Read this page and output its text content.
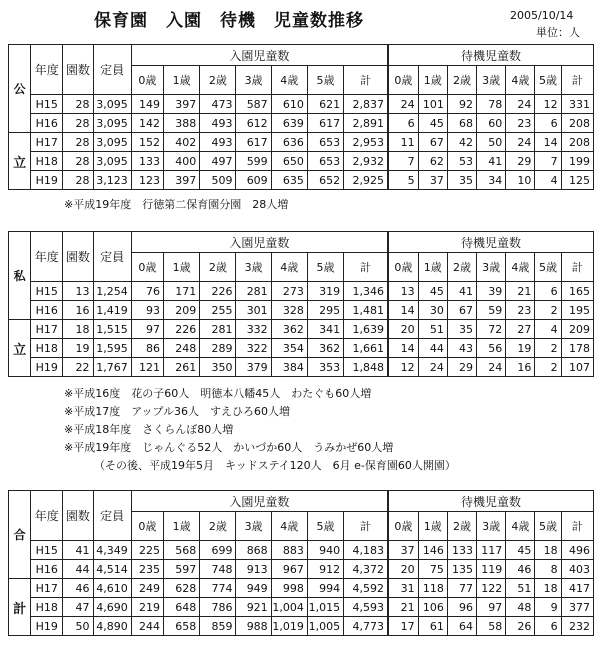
保育園　入園　待機　児童数推移	2005/10/14
単位：人
公	年度	園数	定員	入園児童数							待機児童数						
				0歳	1歳	2歳	3歳	4歳	5歳	計	0歳	1歳	2歳	3歳	4歳	5歳	計
	H15	28	3,095	149	397	473	587	610	621	2,837	24	101	92	78	24	12	331
	H16	28	3,095	142	388	493	612	639	617	2,891	6	45	68	60	23	6	208
立	H17	28	3,095	152	402	493	617	636	653	2,953	11	67	42	50	24	14	208
	H18	28	3,095	133	400	497	599	650	653	2,932	7	62	53	41	29	7	199
	H19	28	3,123	123	397	509	609	635	652	2,925	5	37	35	34	10	4	125
※平成19年度　行徳第二保育園分園　28人増
私	年度	園数	定員	入園児童数							待機児童数						
				0歳	1歳	2歳	3歳	4歳	5歳	計	0歳	1歳	2歳	3歳	4歳	5歳	計
	H15	13	1,254	76	171	226	281	273	319	1,346	13	45	41	39	21	6	165
	H16	16	1,419	93	209	255	301	328	295	1,481	14	30	67	59	23	2	195
立	H17	18	1,515	97	226	281	332	362	341	1,639	20	51	35	72	27	4	209
	H18	19	1,595	86	248	289	322	354	362	1,661	14	44	43	56	19	2	178
	H19	22	1,767	121	261	350	379	384	353	1,848	12	24	29	24	16	2	107
※平成16度　花の子60人　明徳本八幡45人　わたぐも60人増
※平成17度　アップル36人　すえひろ60人増
※平成18年度　さくらんぼ80人増
※平成19年度　じゃんぐる52人　かいづか60人　うみかぜ60人増
（その後、平成19年5月　キッドステイ120人　6月 e-保育園60人開園）
合	年度	園数	定員	入園児童数							待機児童数						
				0歳	1歳	2歳	3歳	4歳	5歳	計	0歳	1歳	2歳	3歳	4歳	5歳	計
	H15	41	4,349	225	568	699	868	883	940	4,183	37	146	133	117	45	18	496
	H16	44	4,514	235	597	748	913	967	912	4,372	20	75	135	119	46	8	403
計	H17	46	4,610	249	628	774	949	998	994	4,592	31	118	77	122	51	18	417
	H18	47	4,690	219	648	786	921	1,004	1,015	4,593	21	106	96	97	48	9	377
	H19	50	4,890	244	658	859	988	1,019	1,005	4,773	17	61	64	58	26	6	232
